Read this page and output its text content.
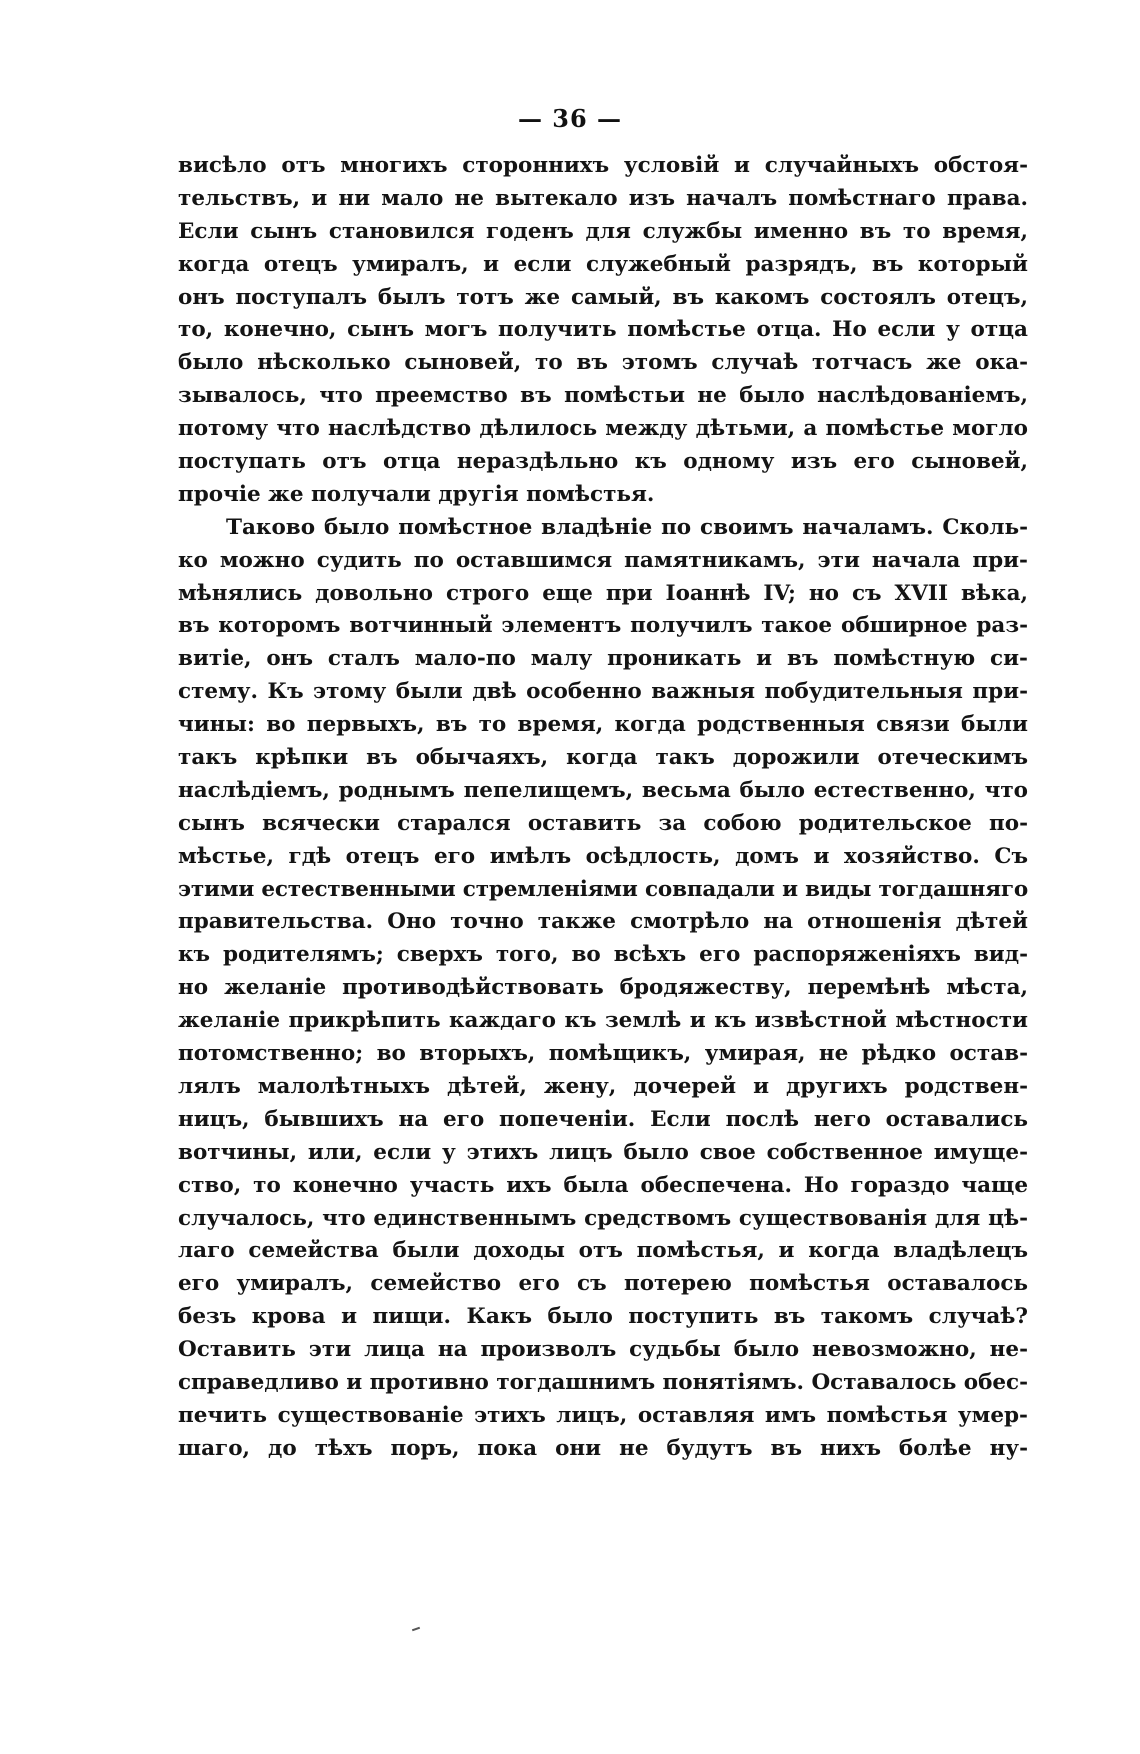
— 36 —
висѣло отъ многихъ стороннихъ условій и случайныхъ обстоя-
тельствъ, и ни мало не вытекало изъ началъ помѣстнаго права.
Если сынъ становился годенъ для службы именно въ то время,
когда отецъ умиралъ, и если служебный разрядъ, въ который
онъ поступалъ былъ тотъ же самый, въ какомъ состоялъ отецъ,
то, конечно, сынъ могъ получить помѣстье отца. Но если у отца
было нѣсколько сыновей, то въ этомъ случаѣ тотчасъ же ока-
зывалось, что преемство въ помѣстьи не было наслѣдованіемъ,
потому что наслѣдство дѣлилось между дѣтьми, а помѣстье могло
поступать отъ отца нераздѣльно къ одному изъ его сыновей,
прочіе же получали другія помѣстья.
Таково было помѣстное владѣніе по своимъ началамъ. Сколь-
ко можно судить по оставшимся памятникамъ, эти начала при-
мѣнялись довольно строго еще при Іоаннѣ IV; но съ XVII вѣка,
въ которомъ вотчинный элементъ получилъ такое обширное раз-
витіе, онъ сталъ мало-по малу проникать и въ помѣстную си-
стему. Къ этому были двѣ особенно важныя побудительныя при-
чины: во первыхъ, въ то время, когда родственныя связи были
такъ крѣпки въ обычаяхъ, когда такъ дорожили отеческимъ
наслѣдіемъ, роднымъ пепелищемъ, весьма было естественно, что
сынъ всячески старался оставить за собою родительское по-
мѣстье, гдѣ отецъ его имѣлъ осѣдлость, домъ и хозяйство. Съ
этими естественными стремленіями совпадали и виды тогдашняго
правительства. Оно точно также смотрѣло на отношенія дѣтей
къ родителямъ; сверхъ того, во всѣхъ его распоряженіяхъ вид-
но желаніе противодѣйствовать бродяжеству, перемѣнѣ мѣста,
желаніе прикрѣпить каждаго къ землѣ и къ извѣстной мѣстности
потомственно; во вторыхъ, помѣщикъ, умирая, не рѣдко остав-
лялъ малолѣтныхъ дѣтей, жену, дочерей и другихъ родствен-
ницъ, бывшихъ на его попеченіи. Если послѣ него оставались
вотчины, или, если у этихъ лицъ было свое собственное имуще-
ство, то конечно участь ихъ была обеспечена. Но гораздо чаще
случалось, что единственнымъ средствомъ существованія для цѣ-
лаго семейства были доходы отъ помѣстья, и когда владѣлецъ
его умиралъ, семейство его съ потерею помѣстья оставалось
безъ крова и пищи. Какъ было поступить въ такомъ случаѣ?
Оставить эти лица на произволъ судьбы было невозможно, не-
справедливо и противно тогдашнимъ понятіямъ. Оставалось обес-
печить существованіе этихъ лицъ, оставляя имъ помѣстья умер-
шаго, до тѣхъ поръ, пока они не будутъ въ нихъ болѣе ну-
